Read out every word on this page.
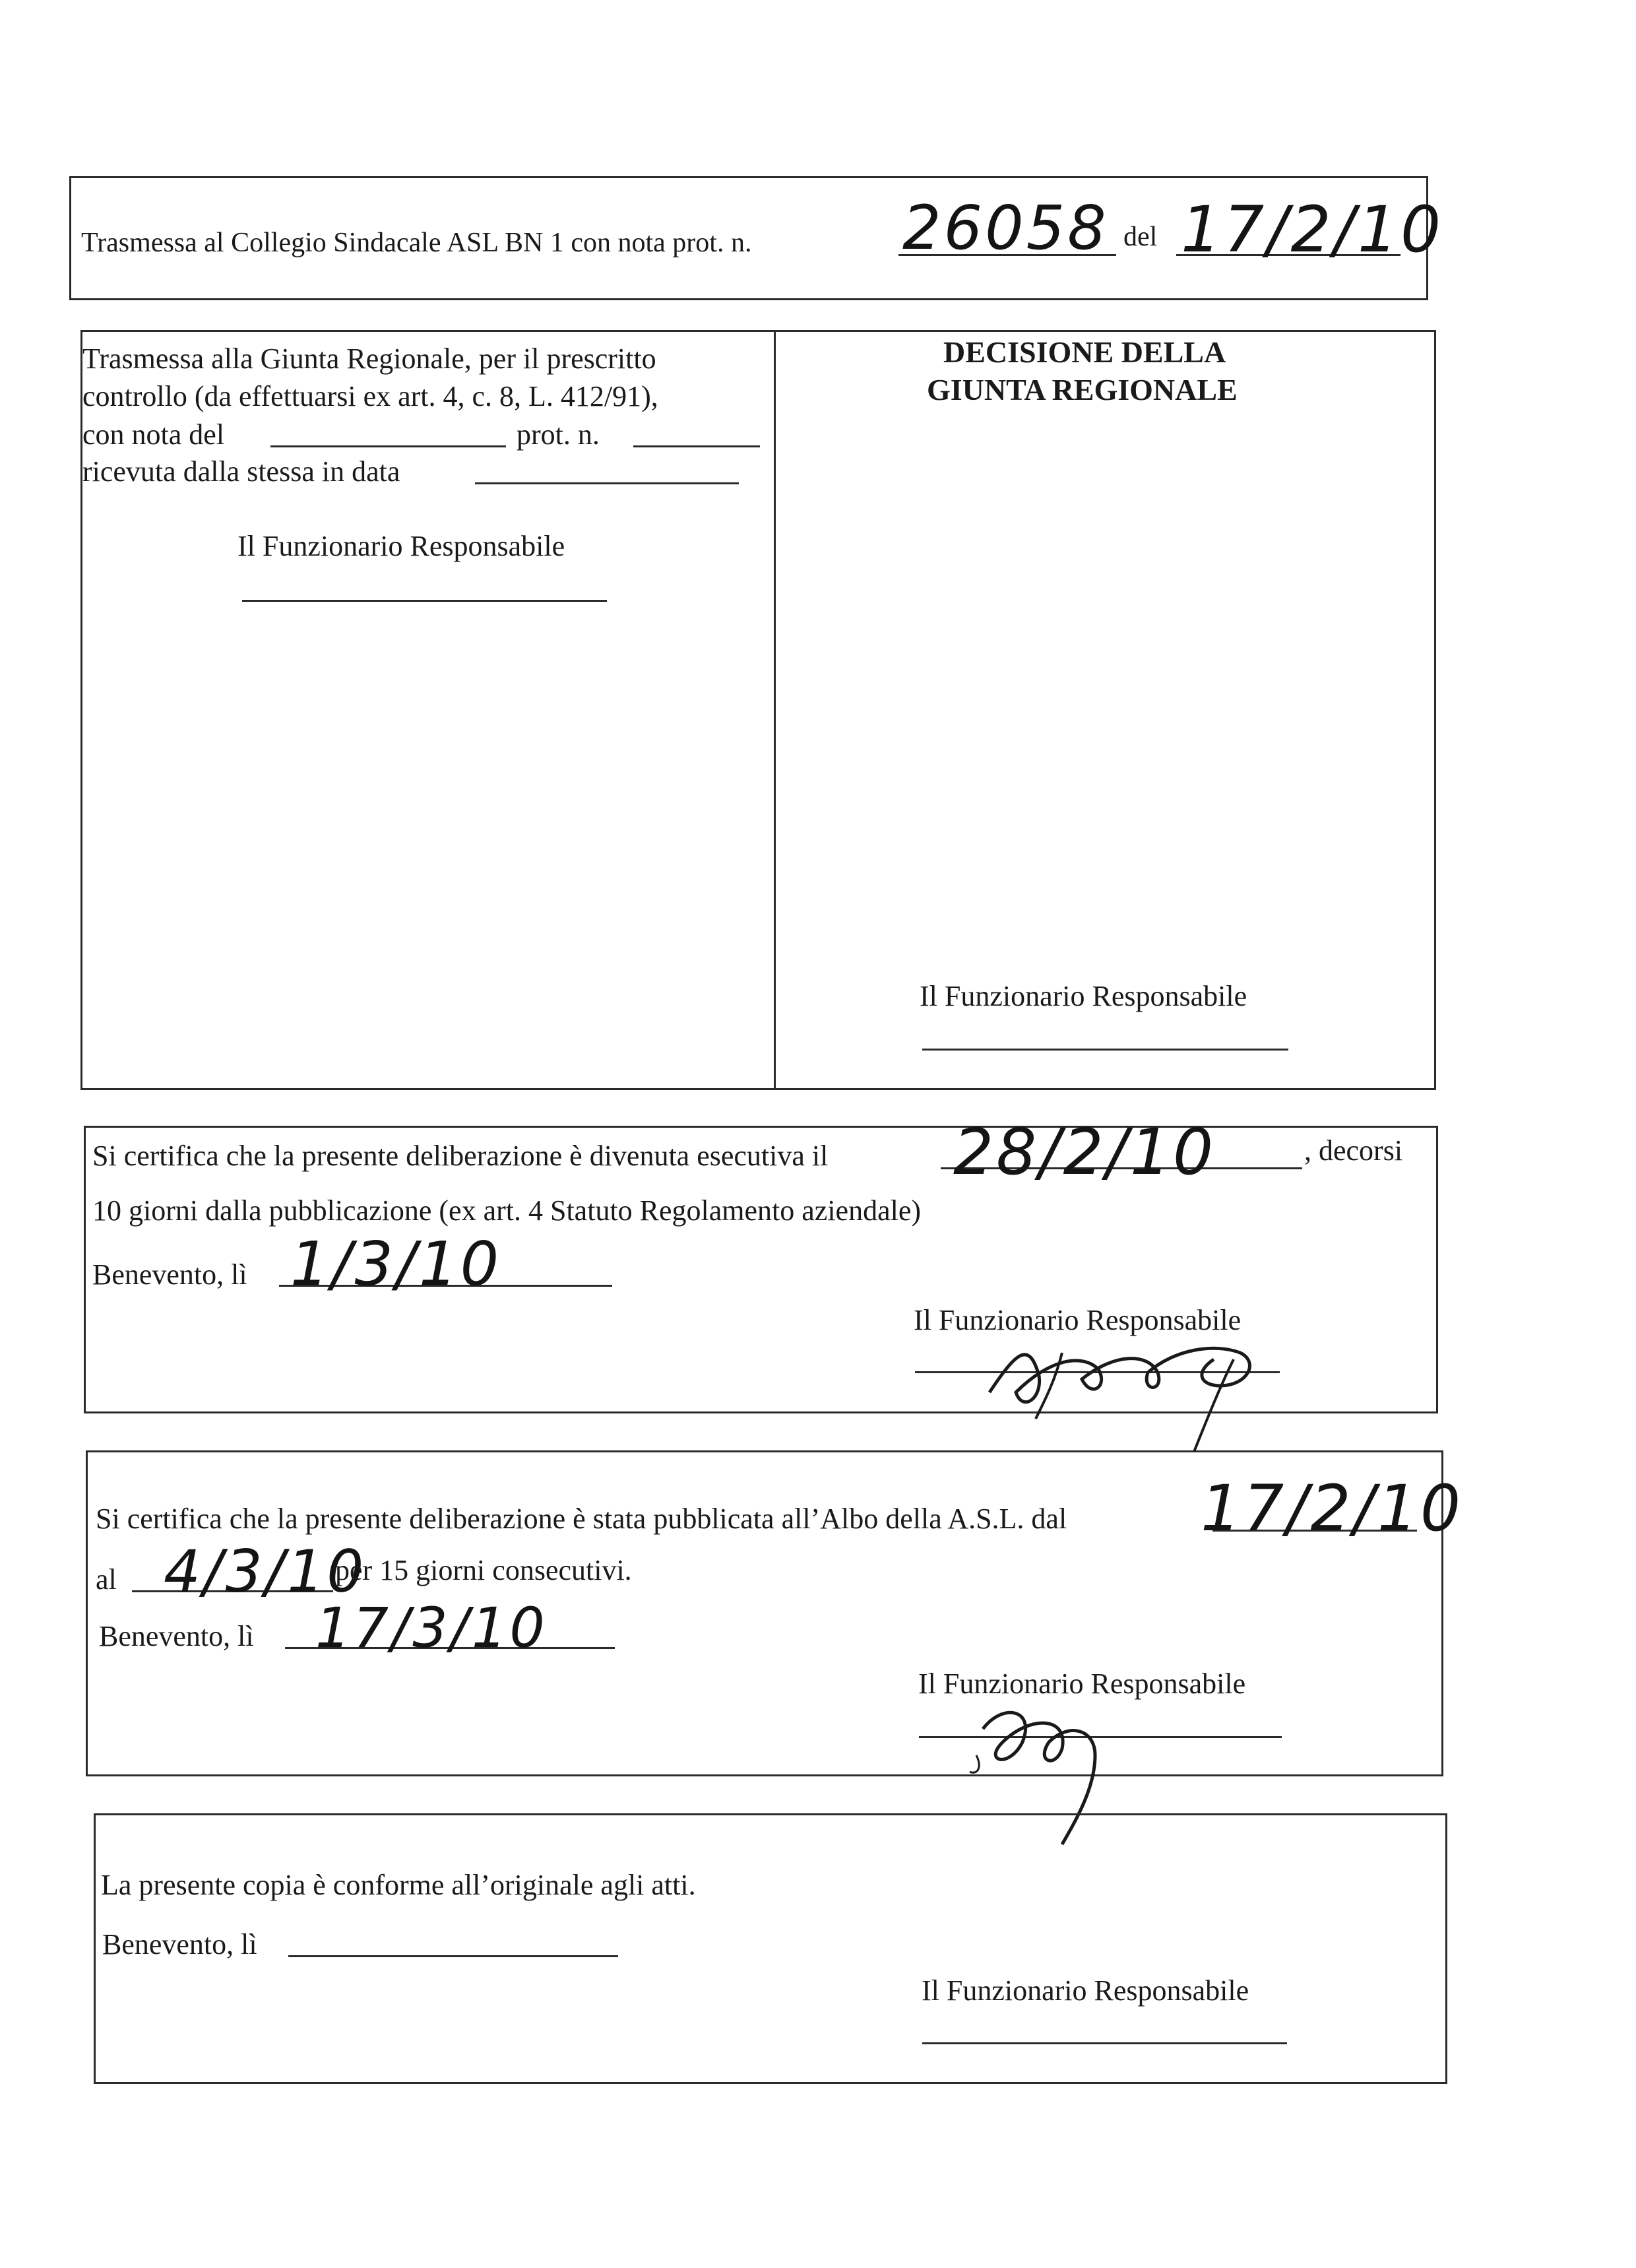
Trasmessa al Collegio Sindacale ASL BN 1 con nota prot. n. 26058 del 17/2/10
Trasmessa alla Giunta Regionale, per il prescritto
controllo (da effettuarsi ex art. 4, c. 8, L. 412/91),
con nota del	prot. n.
ricevuta dalla stessa in data
Il Funzionario Responsabile
DECISIONE DELLA
GIUNTA REGIONALE
Il Funzionario Responsabile
Si certifica che la presente deliberazione è divenuta esecutiva il 28/2/10	, decorsi
10 giorni dalla pubblicazione (ex art. 4 Statuto Regolamento aziendale)
Benevento, lì 1/3/10
Il Funzionario Responsabile
Si certifica che la presente deliberazione è stata pubblicata all’Albo della A.S.L. dal 17/2/10
al 4/3/10
per 15 giorni consecutivi.
Benevento, lì 17/3/10
Il Funzionario Responsabile
La presente copia è conforme all’originale agli atti.
Benevento, lì
Il Funzionario Responsabile
